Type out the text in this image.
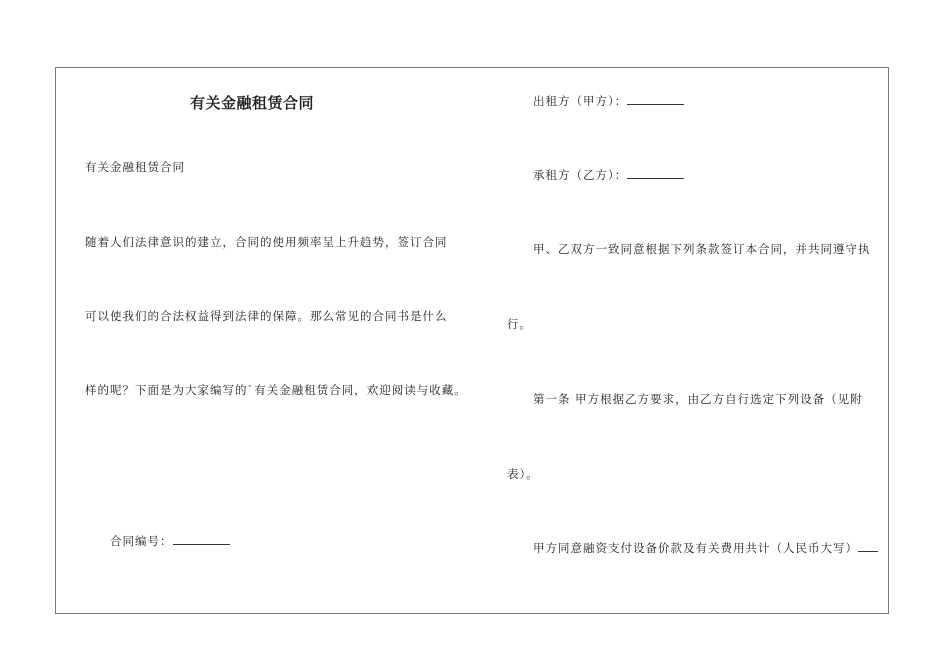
有关金融租赁合同
有关金融租赁合同
随着人们法律意识的建立，合同的使用频率呈上升趋势，签订合同
可以使我们的合法权益得到法律的保障。那么常见的合同书是什么
样的呢？下面是为大家编写的`有关金融租赁合同，欢迎阅读与收藏。
合同编号：
出租方（甲方）：
承租方（乙方）：
甲、乙双方一致同意根据下列条款签订本合同，并共同遵守执
行。
第一条 甲方根据乙方要求，由乙方自行选定下列设备（见附
表）。
甲方同意融资支付设备价款及有关费用共计（人民币大写）
